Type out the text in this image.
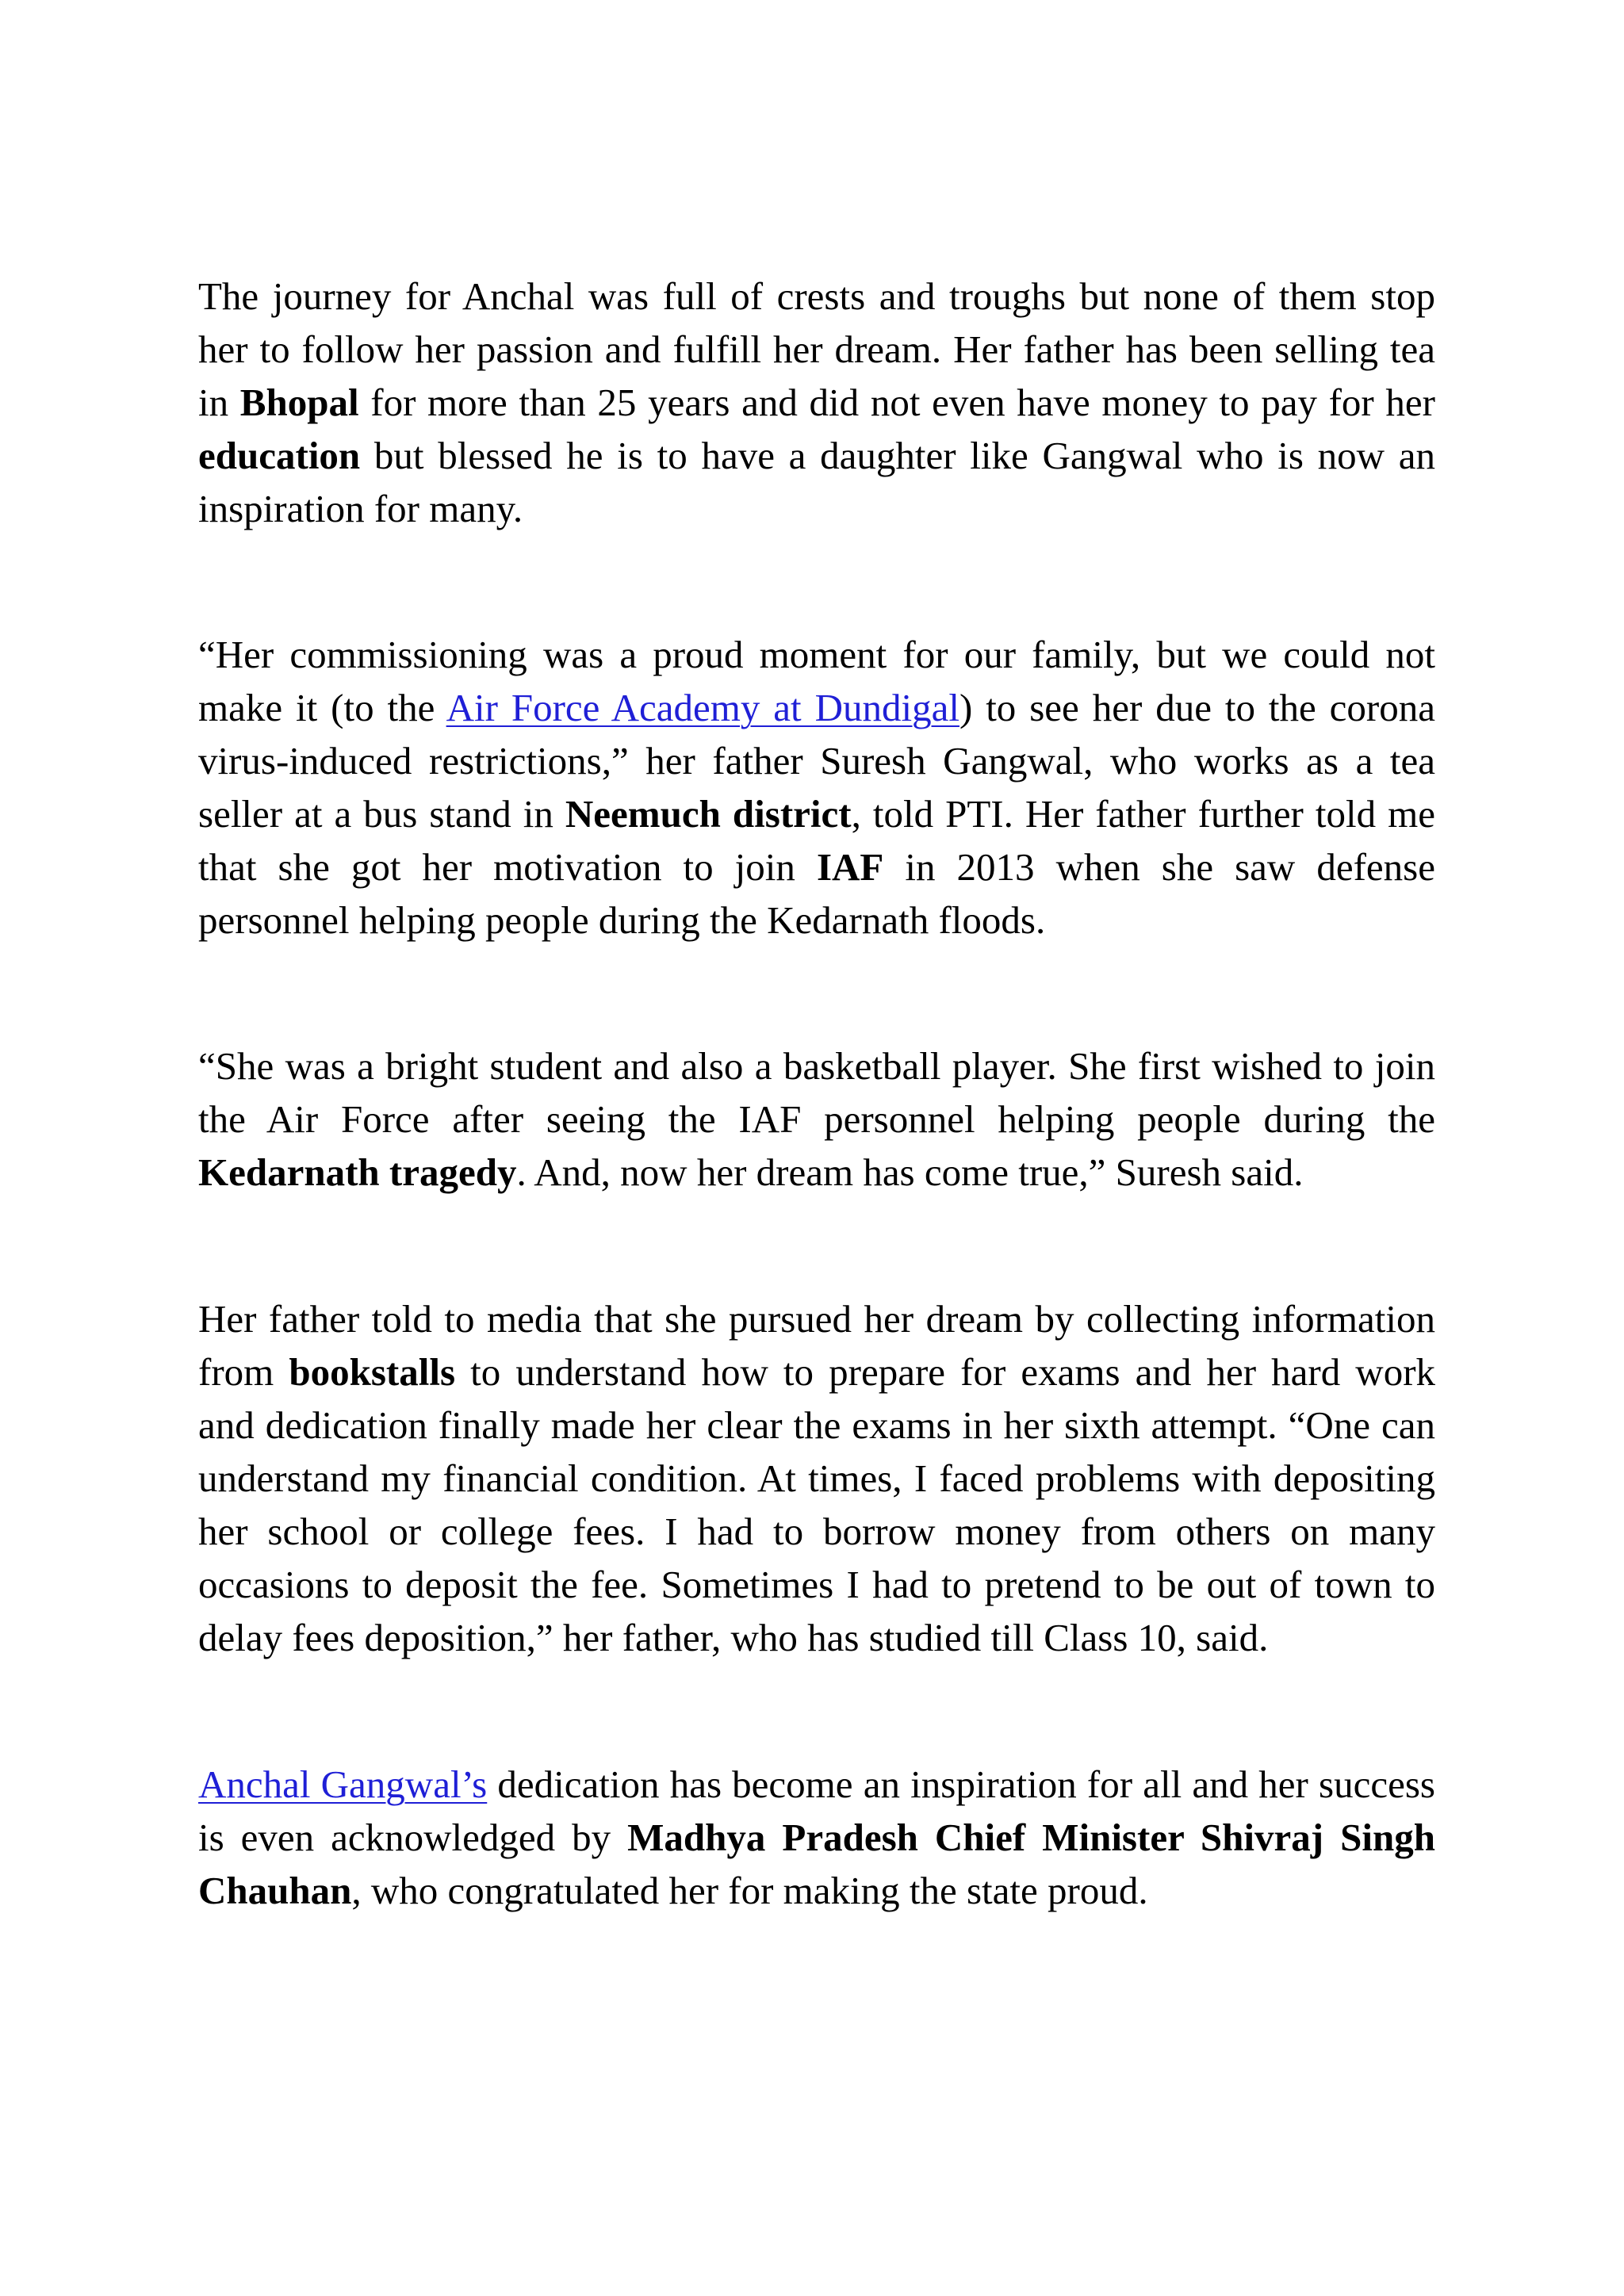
The journey for Anchal was full of crests and troughs but none of them stop her to follow her passion and fulfill her dream. Her father has been selling tea in Bhopal for more than 25 years and did not even have money to pay for her education but blessed he is to have a daughter like Gangwal who is now an inspiration for many.

“Her commissioning was a proud moment for our family, but we could not make it (to the Air Force Academy at Dundigal) to see her due to the corona virus-induced restrictions,” her father Suresh Gangwal, who works as a tea seller at a bus stand in Neemuch district, told PTI. Her father further told me that she got her motivation to join IAF in 2013 when she saw defense personnel helping people during the Kedarnath floods.

“She was a bright student and also a basketball player. She first wished to join the Air Force after seeing the IAF personnel helping people during the Kedarnath tragedy. And, now her dream has come true,” Suresh said.

Her father told to media that she pursued her dream by collecting information from bookstalls to understand how to prepare for exams and her hard work and dedication finally made her clear the exams in her sixth attempt. “One can understand my financial condition. At times, I faced problems with depositing her school or college fees. I had to borrow money from others on many occasions to deposit the fee. Sometimes I had to pretend to be out of town to delay fees deposition,” her father, who has studied till Class 10, said.

Anchal Gangwal’s dedication has become an inspiration for all and her success is even acknowledged by Madhya Pradesh Chief Minister Shivraj Singh Chauhan, who congratulated her for making the state proud.
